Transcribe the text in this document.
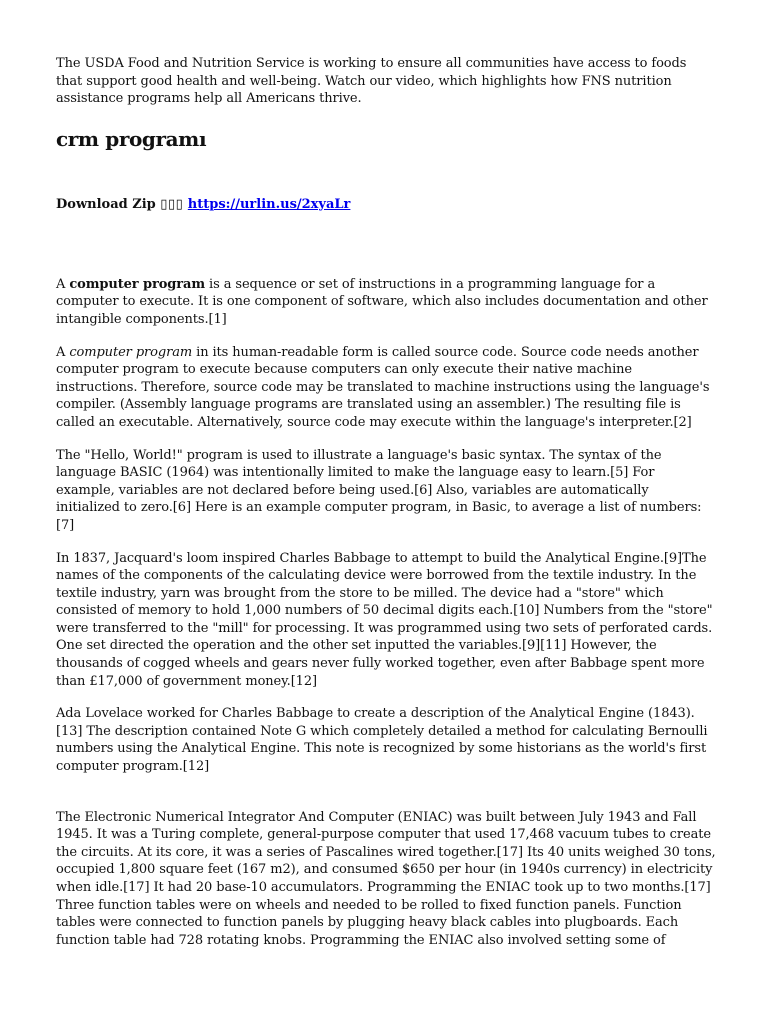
The USDA Food and Nutrition Service is working to ensure all communities have access to foods that support good health and well-being. Watch our video, which highlights how FNS nutrition assistance programs help all Americans thrive.

crm programı
Download Zip ▯▯▯ https://urlin.us/2xyaLr

A computer program is a sequence or set of instructions in a programming language for a computer to execute. It is one component of software, which also includes documentation and other intangible components.[1]

A computer program in its human-readable form is called source code. Source code needs another computer program to execute because computers can only execute their native machine instructions. Therefore, source code may be translated to machine instructions using the language's compiler. (Assembly language programs are translated using an assembler.) The resulting file is called an executable. Alternatively, source code may execute within the language's interpreter.[2]

The "Hello, World!" program is used to illustrate a language's basic syntax. The syntax of the language BASIC (1964) was intentionally limited to make the language easy to learn.[5] For example, variables are not declared before being used.[6] Also, variables are automatically initialized to zero.[6] Here is an example computer program, in Basic, to average a list of numbers:[7]

In 1837, Jacquard's loom inspired Charles Babbage to attempt to build the Analytical Engine.[9]The names of the components of the calculating device were borrowed from the textile industry. In the textile industry, yarn was brought from the store to be milled. The device had a "store" which consisted of memory to hold 1,000 numbers of 50 decimal digits each.[10] Numbers from the "store" were transferred to the "mill" for processing. It was programmed using two sets of perforated cards. One set directed the operation and the other set inputted the variables.[9][11] However, the thousands of cogged wheels and gears never fully worked together, even after Babbage spent more than £17,000 of government money.[12]

Ada Lovelace worked for Charles Babbage to create a description of the Analytical Engine (1843).[13] The description contained Note G which completely detailed a method for calculating Bernoulli numbers using the Analytical Engine. This note is recognized by some historians as the world's first computer program.[12]

The Electronic Numerical Integrator And Computer (ENIAC) was built between July 1943 and Fall 1945. It was a Turing complete, general-purpose computer that used 17,468 vacuum tubes to create the circuits. At its core, it was a series of Pascalines wired together.[17] Its 40 units weighed 30 tons, occupied 1,800 square feet (167 m2), and consumed $650 per hour (in 1940s currency) in electricity when idle.[17] It had 20 base-10 accumulators. Programming the ENIAC took up to two months.[17] Three function tables were on wheels and needed to be rolled to fixed function panels. Function tables were connected to function panels by plugging heavy black cables into plugboards. Each function table had 728 rotating knobs. Programming the ENIAC also involved setting some of
